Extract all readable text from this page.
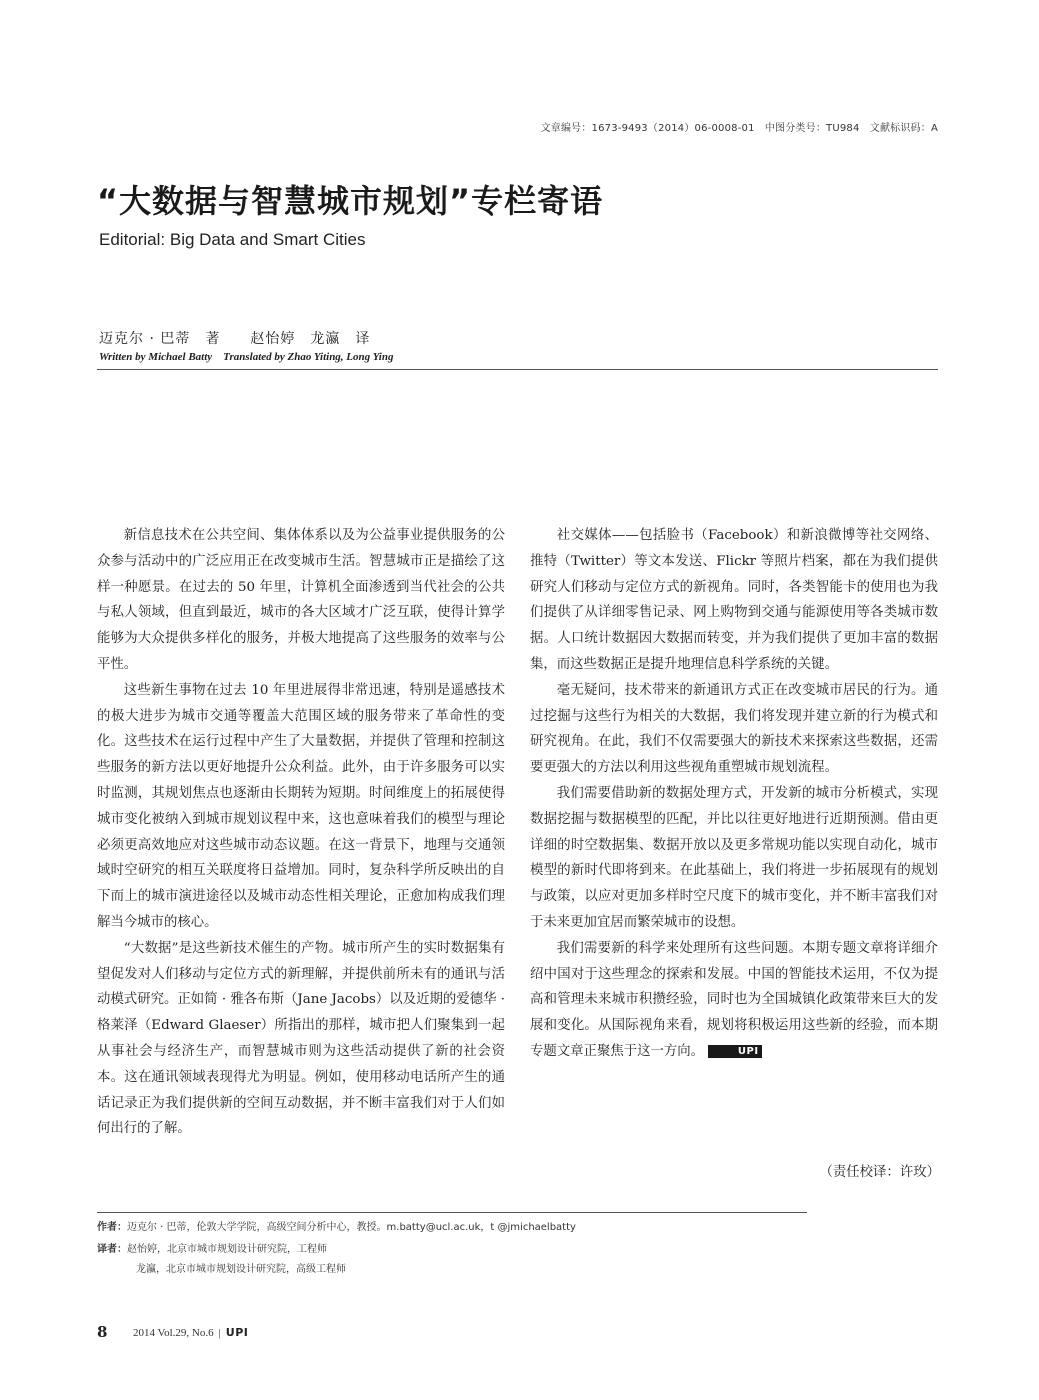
文章编号：1673-9493（2014）06-0008-01　中图分类号：TU984　文献标识码：A
“大数据与智慧城市规划”专栏寄语
Editorial: Big Data and Smart Cities
迈克尔 · 巴蒂　著　　赵怡婷　龙瀛　译
Written by Michael Batty　Translated by Zhao Yiting, Long Ying

新信息技术在公共空间、集体体系以及为公益事业提供服务的公众参与活动中的广泛应用正在改变城市生活。智慧城市正是描绘了这样一种愿景。在过去的 50 年里，计算机全面渗透到当代社会的公共与私人领域，但直到最近，城市的各大区域才广泛互联，使得计算学能够为大众提供多样化的服务，并极大地提高了这些服务的效率与公平性。

这些新生事物在过去 10 年里进展得非常迅速，特别是遥感技术的极大进步为城市交通等覆盖大范围区域的服务带来了革命性的变化。这些技术在运行过程中产生了大量数据，并提供了管理和控制这些服务的新方法以更好地提升公众利益。此外，由于许多服务可以实时监测，其规划焦点也逐渐由长期转为短期。时间维度上的拓展使得城市变化被纳入到城市规划议程中来，这也意味着我们的模型与理论必须更高效地应对这些城市动态议题。在这一背景下，地理与交通领域时空研究的相互关联度将日益增加。同时，复杂科学所反映出的自下而上的城市演进途径以及城市动态性相关理论，正愈加构成我们理解当今城市的核心。

“大数据”是这些新技术催生的产物。城市所产生的实时数据集有望促发对人们移动与定位方式的新理解，并提供前所未有的通讯与活动模式研究。正如简 · 雅各布斯（Jane Jacobs）以及近期的爱德华 · 格莱泽（Edward Glaeser）所指出的那样，城市把人们聚集到一起从事社会与经济生产，而智慧城市则为这些活动提供了新的社会资本。这在通讯领域表现得尤为明显。例如，使用移动电话所产生的通话记录正为我们提供新的空间互动数据，并不断丰富我们对于人们如何出行的了解。

社交媒体——包括脸书（Facebook）和新浪微博等社交网络、推特（Twitter）等文本发送、Flickr 等照片档案，都在为我们提供研究人们移动与定位方式的新视角。同时，各类智能卡的使用也为我们提供了从详细零售记录、网上购物到交通与能源使用等各类城市数据。人口统计数据因大数据而转变，并为我们提供了更加丰富的数据集，而这些数据正是提升地理信息科学系统的关键。

毫无疑问，技术带来的新通讯方式正在改变城市居民的行为。通过挖掘与这些行为相关的大数据，我们将发现并建立新的行为模式和研究视角。在此，我们不仅需要强大的新技术来探索这些数据，还需要更强大的方法以利用这些视角重塑城市规划流程。

我们需要借助新的数据处理方式，开发新的城市分析模式，实现数据挖掘与数据模型的匹配，并比以往更好地进行近期预测。借由更详细的时空数据集、数据开放以及更多常规功能以实现自动化，城市模型的新时代即将到来。在此基础上，我们将进一步拓展现有的规划与政策，以应对更加多样时空尺度下的城市变化，并不断丰富我们对于未来更加宜居而繁荣城市的设想。

我们需要新的科学来处理所有这些问题。本期专题文章将详细介绍中国对于这些理念的探索和发展。中国的智能技术运用，不仅为提高和管理未来城市积攒经验，同时也为全国城镇化政策带来巨大的发展和变化。从国际视角来看，规划将积极运用这些新的经验，而本期专题文章正聚焦于这一方向。	UPI

（责任校译：许玫）
作者：迈克尔 · 巴蒂，伦敦大学学院，高级空间分析中心，教授。m.batty@ucl.ac.uk，t @jmichaelbatty
译者：赵怡婷，北京市城市规划设计研究院，工程师
龙瀛，北京市城市规划设计研究院，高级工程师
8 2014 Vol.29, No.6 | UPI
